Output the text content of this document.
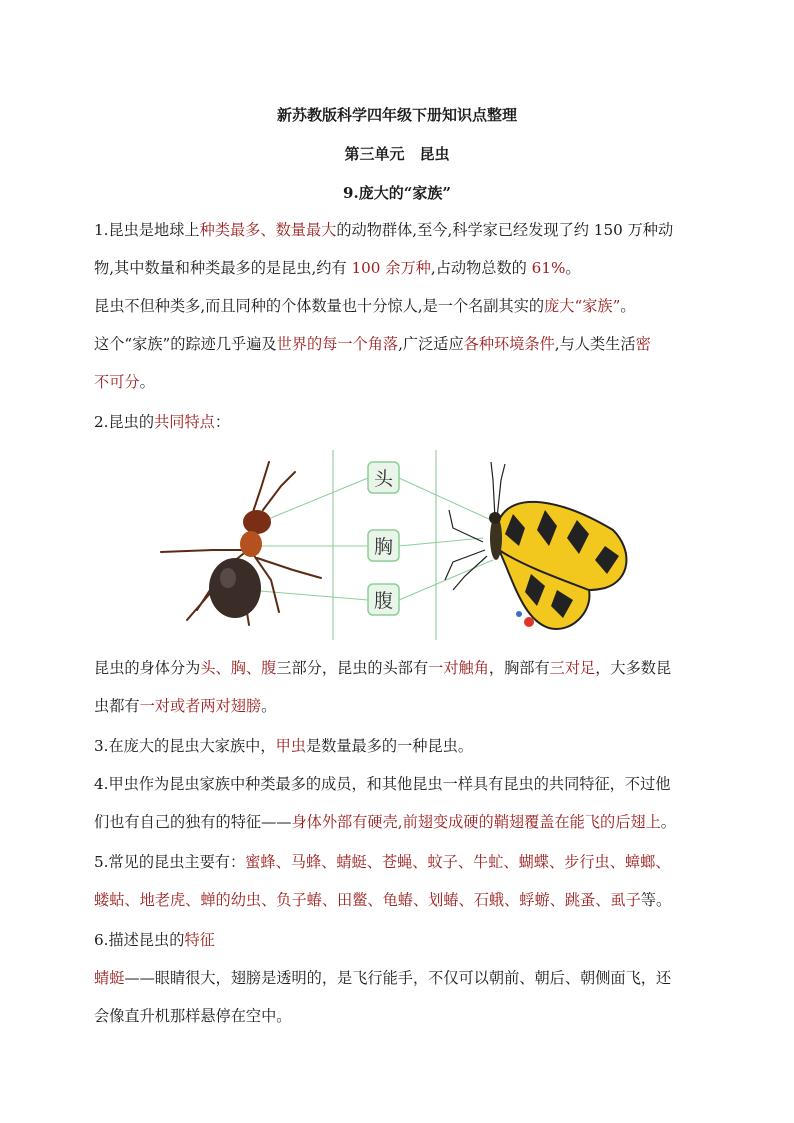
新苏教版科学四年级下册知识点整理
第三单元　昆虫
9.庞大的“家族”
1.昆虫是地球上种类最多、数量最大的动物群体,至今,科学家已经发现了约 150 万种动
物,其中数量和种类最多的是昆虫,约有 100 余万种,占动物总数的 61%。
昆虫不但种类多,而且同种的个体数量也十分惊人,是一个名副其实的庞大“家族”。
这个“家族”的踪迹几乎遍及世界的每一个角落,广泛适应各种环境条件,与人类生活密
不可分。
2.昆虫的共同特点：
头
胸
腹
昆虫的身体分为头、胸、腹三部分，昆虫的头部有一对触角，胸部有三对足，大多数昆
虫都有一对或者两对翅膀。
3.在庞大的昆虫大家族中，甲虫是数量最多的一种昆虫。
4.甲虫作为昆虫家族中种类最多的成员，和其他昆虫一样具有昆虫的共同特征，不过他
们也有自己的独有的特征——身体外部有硬壳,前翅变成硬的鞘翅覆盖在能飞的后翅上。
5.常见的昆虫主要有：蜜蜂、马蜂、蜻蜓、苍蝇、蚊子、牛虻、蝴蝶、步行虫、蟑螂、
蝼蛄、地老虎、蝉的幼虫、负子蝽、田鳖、龟蝽、划蝽、石蛾、蜉蝣、跳蚤、虱子等。
6.描述昆虫的特征
蜻蜓——眼睛很大，翅膀是透明的，是飞行能手，不仅可以朝前、朝后、朝侧面飞，还
会像直升机那样悬停在空中。
